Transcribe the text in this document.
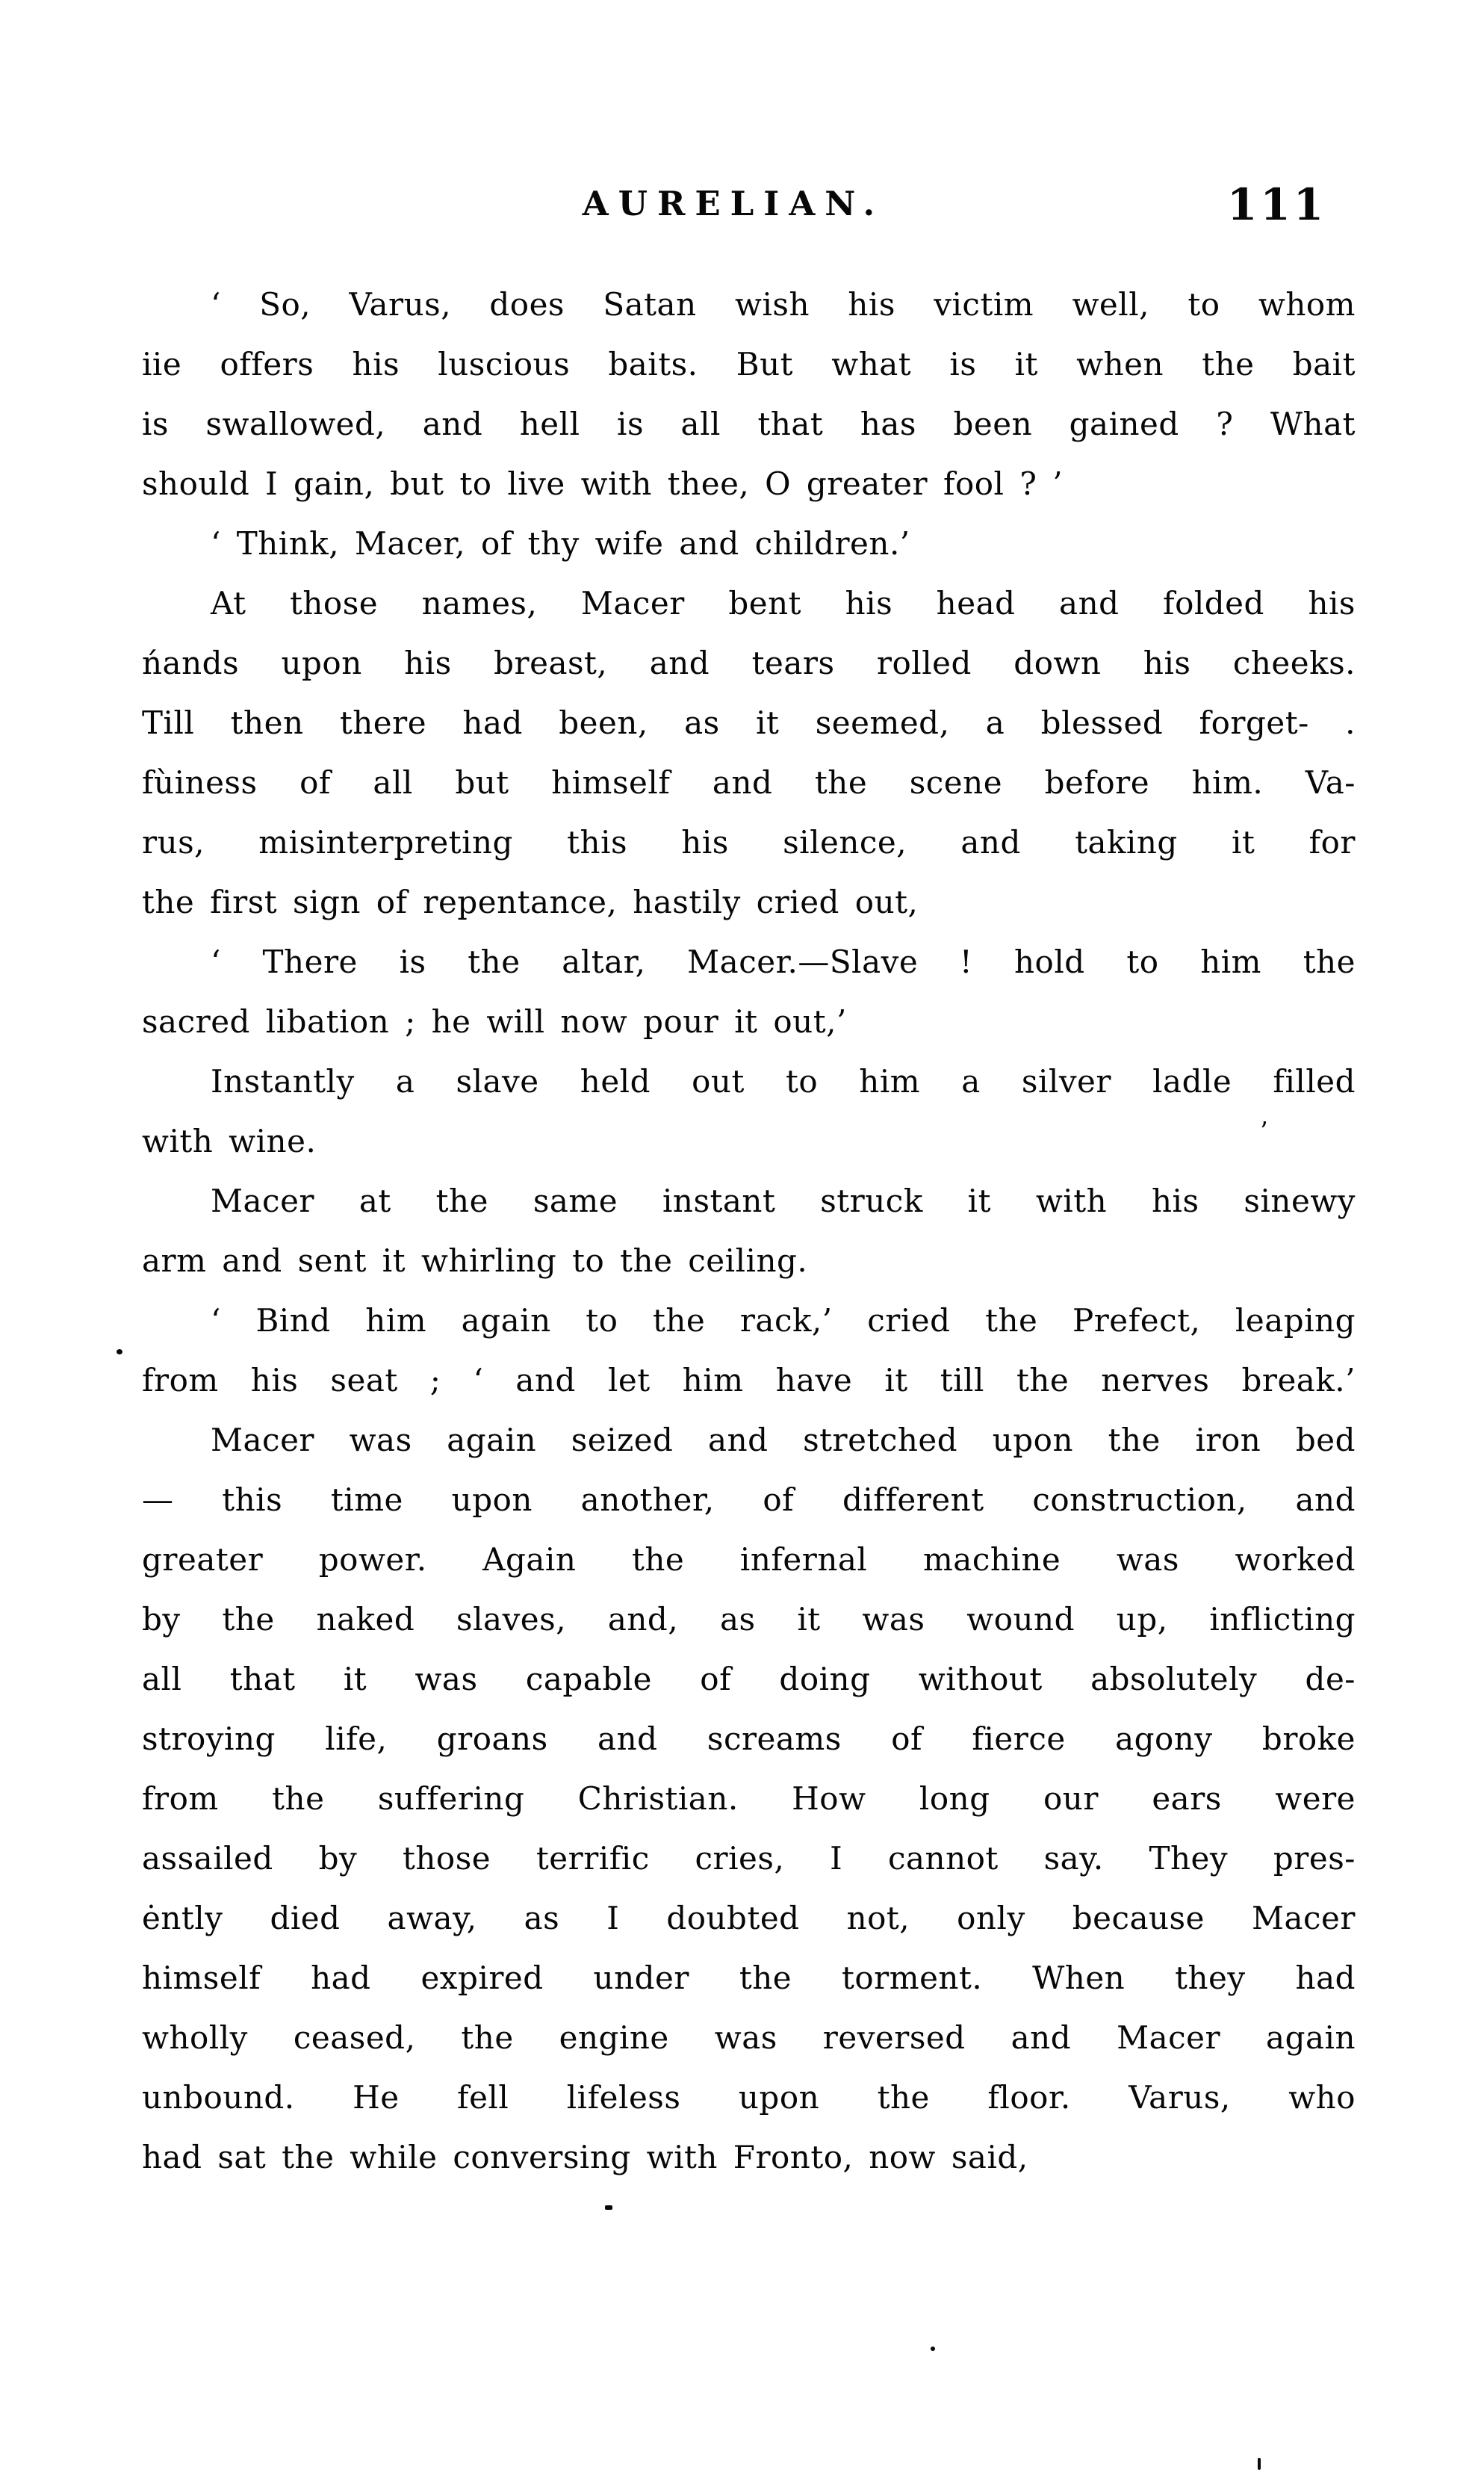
AURELIAN.	111
‘ So, Varus, does Satan wish his victim well, to whom
iie offers his luscious baits. But what is it when the bait
is swallowed, and hell is all that has been gained ? What
should I gain, but to live with thee, O greater fool ? ’
‘ Think, Macer, of thy wife and children.’
At those names, Macer bent his head and folded his
ńands upon his breast, and tears rolled down his cheeks.
Till then there had been, as it seemed, a blessed forget- .
fùiness of all but himself and the scene before him. Va-
rus, misinterpreting this his silence, and taking it for
the first sign of repentance, hastily cried out,
‘ There is the altar, Macer.—Slave ! hold to him the
sacred libation ; he will now pour it out,’
Instantly a slave held out to him a silver ladle filled
with wine.
Macer at the same instant struck it with his sinewy
arm and sent it whirling to the ceiling.
‘ Bind him again to the rack,’ cried the Prefect, leaping
from his seat ; ‘ and let him have it till the nerves break.’
Macer was again seized and stretched upon the iron bed
— this time upon another, of different construction, and
greater power. Again the infernal machine was worked
by the naked slaves, and, as it was wound up, inflicting
all that it was capable of doing without absolutely de-
stroying life, groans and screams of fierce agony broke
from the suffering Christian. How long our ears were
assailed by those terrific cries, I cannot say. They pres-
ėntly died away, as I doubted not, only because Macer
himself had expired under the torment. When they had
wholly ceased, the engine was reversed and Macer again
unbound. He fell lifeless upon the floor. Varus, who
had sat the while conversing with Fronto, now said,
ʼ
